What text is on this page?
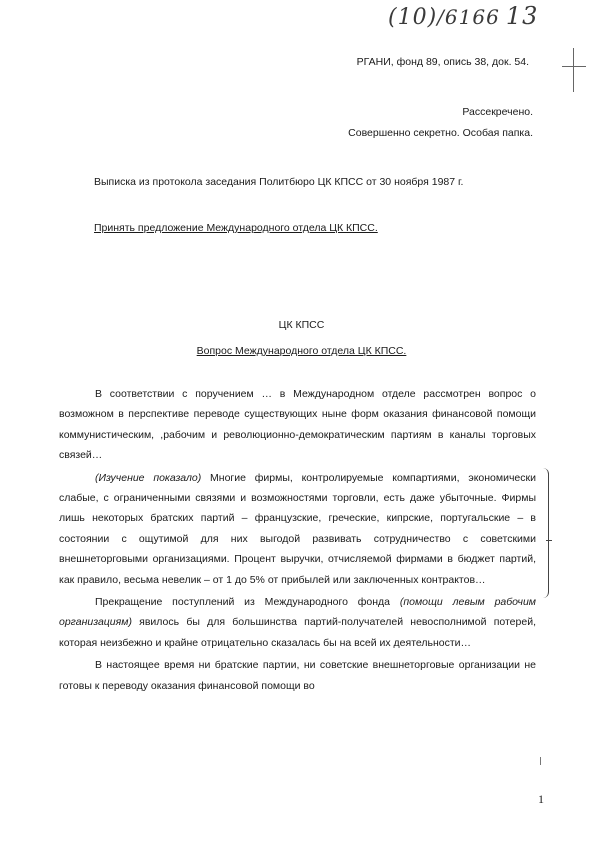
(10)/6166 13
РГАНИ, фонд 89, опись 38, док. 54.
Рассекречено.
Совершенно секретно. Особая папка.
Выписка из протокола заседания Политбюро ЦК КПСС от 30 ноября 1987 г.
Принять предложение Международного отдела ЦК КПСС.
ЦК КПСС
Вопрос Международного отдела ЦК КПСС.

В соответствии с поручением … в Международном отделе рассмотрен вопрос о возможном в перспективе переводе существующих ныне форм оказания финансовой помощи коммунистическим, ,рабочим и революционно-демократическим партиям в каналы торговых связей…

(Изучение показало) Многие фирмы, контролируемые компартиями, экономически слабые, с ограниченными связями и возможностями торговли, есть даже убыточные. Фирмы лишь некоторых братских партий – французские, греческие, кипрские, португальские – в состоянии с ощутимой для них выгодой развивать сотрудничество с советскими внешнеторговыми организациями. Процент выручки, отчисляемой фирмами в бюджет партий, как правило, весьма невелик – от 1 до 5% от прибылей или заключенных контрактов…

Прекращение поступлений из Международного фонда (помощи левым рабочим организациям) явилось бы для большинства партий-получателей невосполнимой потерей, которая неизбежно и крайне отрицательно сказалась бы на всей их деятельности…

В настоящее время ни братские партии, ни советские внешнеторговые организации не готовы к переводу оказания финансовой помощи во

1
